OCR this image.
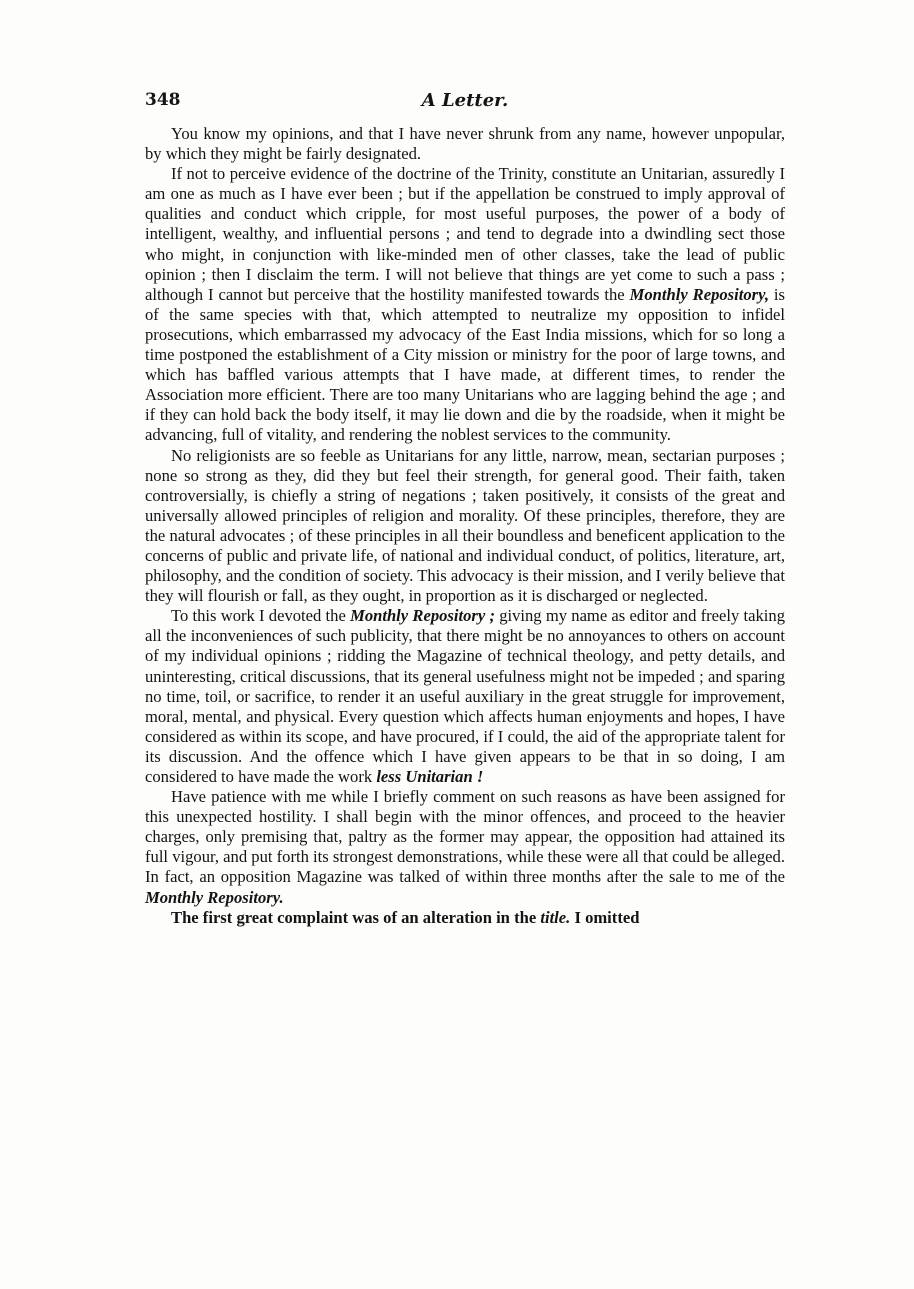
348	A Letter.

You know my opinions, and that I have never shrunk from any name, however unpopular, by which they might be fairly designated.

If not to perceive evidence of the doctrine of the Trinity, constitute an Unitarian, assuredly I am one as much as I have ever been ; but if the appellation be construed to imply approval of qualities and conduct which cripple, for most useful purposes, the power of a body of intelligent, wealthy, and influential persons ; and tend to degrade into a dwindling sect those who might, in conjunction with like-minded men of other classes, take the lead of public opinion ; then I disclaim the term. I will not believe that things are yet come to such a pass ; although I cannot but perceive that the hostility manifested towards the Monthly Repository, is of the same species with that, which attempted to neutralize my opposition to infidel prosecutions, which embarrassed my advocacy of the East India missions, which for so long a time postponed the establishment of a City mission or ministry for the poor of large towns, and which has baffled various attempts that I have made, at different times, to render the Association more efficient. There are too many Unitarians who are lagging behind the age ; and if they can hold back the body itself, it may lie down and die by the roadside, when it might be advancing, full of vitality, and rendering the noblest services to the community.

No religionists are so feeble as Unitarians for any little, narrow, mean, sectarian purposes ; none so strong as they, did they but feel their strength, for general good. Their faith, taken controversially, is chiefly a string of negations ; taken positively, it consists of the great and universally allowed principles of religion and morality. Of these principles, therefore, they are the natural advocates ; of these principles in all their boundless and beneficent application to the concerns of public and private life, of national and individual conduct, of politics, literature, art, philosophy, and the condition of society. This advocacy is their mission, and I verily believe that they will flourish or fall, as they ought, in proportion as it is discharged or neglected.

To this work I devoted the Monthly Repository ; giving my name as editor and freely taking all the inconveniences of such publicity, that there might be no annoyances to others on account of my individual opinions ; ridding the Magazine of technical theology, and petty details, and uninteresting, critical discussions, that its general usefulness might not be impeded ; and sparing no time, toil, or sacrifice, to render it an useful auxiliary in the great struggle for improvement, moral, mental, and physical. Every question which affects human enjoyments and hopes, I have considered as within its scope, and have procured, if I could, the aid of the appropriate talent for its discussion. And the offence which I have given appears to be that in so doing, I am considered to have made the work less Unitarian !

Have patience with me while I briefly comment on such reasons as have been assigned for this unexpected hostility. I shall begin with the minor offences, and proceed to the heavier charges, only premising that, paltry as the former may appear, the opposition had attained its full vigour, and put forth its strongest demonstrations, while these were all that could be alleged. In fact, an opposition Magazine was talked of within three months after the sale to me of the Monthly Repository.

The first great complaint was of an alteration in the title. I omitted
